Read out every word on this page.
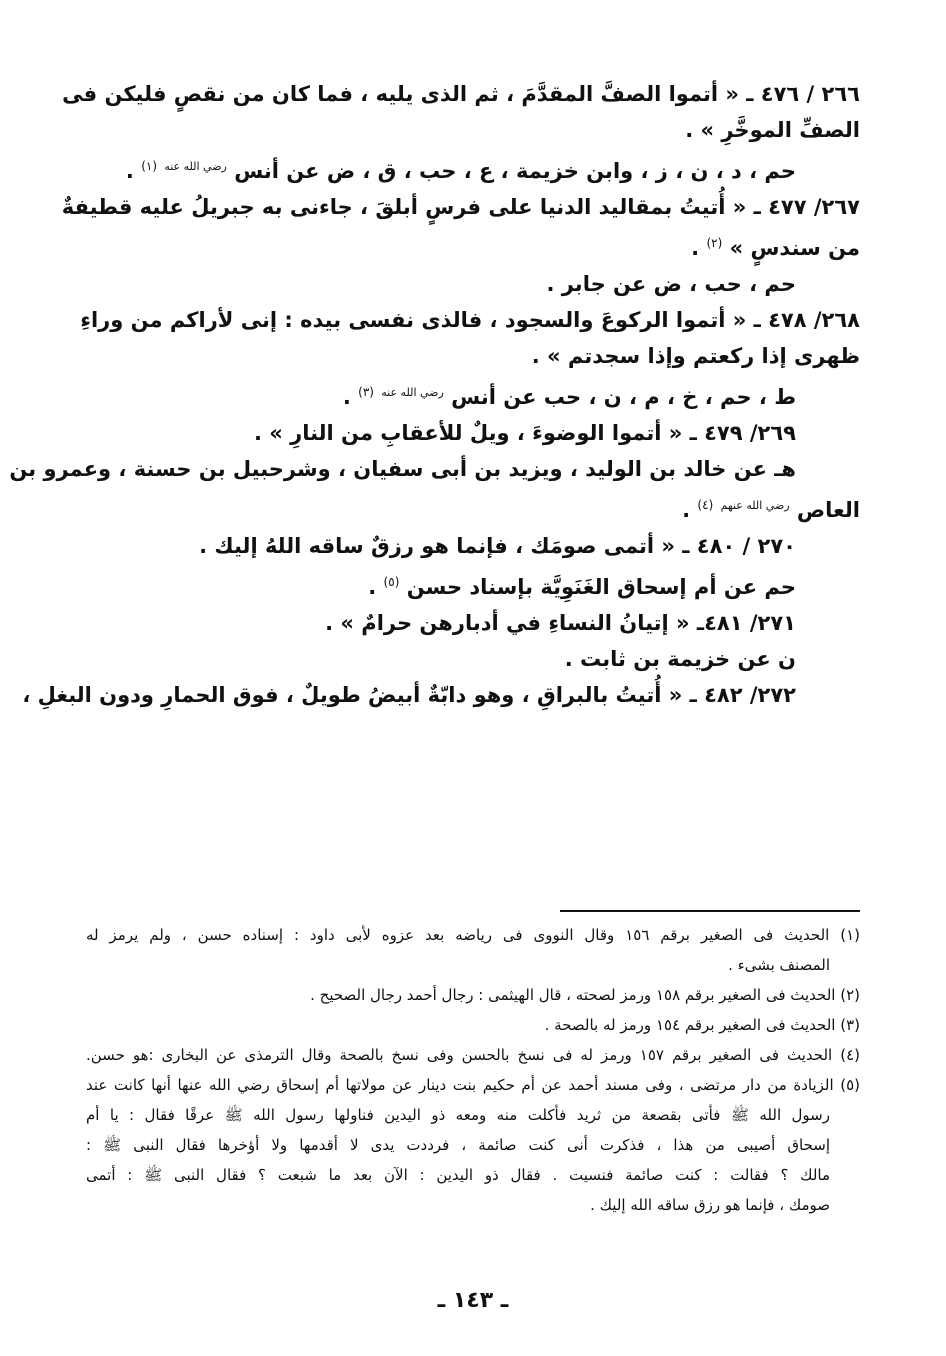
٢٦٦ / ٤٧٦ ـ « أتموا الصفَّ المقدَّمَ ، ثم الذى يليه ، فما كان من نقصٍ فليكن فى
الصفِّ الموخَّرِ » .
حم ، د ، ن ، ز ، وابن خزيمة ، ع ، حب ، ق ، ض عن أنس $^{رضي الله عنه}$ $^{(١)}$ .
٢٦٧/ ٤٧٧ ـ « أُتيتُ بمقاليد الدنيا على فرسٍ أبلقَ ، جاءنى به جبريلُ عليه قطيفةٌ
من سندسٍ » $^{(٢)}$ .
حم ، حب ، ض عن جابر .
٢٦٨/ ٤٧٨ ـ « أتموا الركوعَ والسجود ، فالذى نفسى بيده : إنى لأراكم من وراءِ
ظهرى إذا ركعتم وإذا سجدتم » .
ط ، حم ، خ ، م ، ن ، حب عن أنس $^{رضي الله عنه}$ $^{(٣)}$ .
٢٦٩/ ٤٧٩ ـ « أتموا الوضوءَ ، ويلٌ للأعقابِ من النارِ » .
هـ عن خالد بن الوليد ، ويزيد بن أبى سفيان ، وشرحبيل بن حسنة ، وعمرو بن
العاص $^{رضي الله عنهم}$ $^{(٤)}$ .
٢٧٠ / ٤٨٠ ـ « أتمى صومَك ، فإنما هو رزقٌ ساقه اللهُ إليك .
حم عن أم إسحاق الغَنَوِيَّة بإسناد حسن $^{(٥)}$ .
٢٧١/ ٤٨١ـ « إتيانُ النساءِ في أدبارهن حرامٌ » .
ن عن خزيمة بن ثابت .
٢٧٢/ ٤٨٢ ـ « أُتيتُ بالبراقِ ، وهو دابّةٌ أبيضُ طويلٌ ، فوق الحمارِ ودون البغلِ ،
(١) الحديث فى الصغير برقم ١٥٦ وقال النووى فى رياضه بعد عزوه لأبى داود : إسناده حسن ، ولم يرمز له
المصنف بشىء .
(٢) الحديث فى الصغير برقم ١٥٨ ورمز لصحته ، قال الهيثمى : رجال أحمد رجال الصحيح .
(٣) الحديث فى الصغير برقم ١٥٤ ورمز له بالصحة .
(٤) الحديث فى الصغير برقم ١٥٧ ورمز له فى نسخ بالحسن وفى نسخ بالصحة وقال الترمذى عن البخارى :هو حسن.
(٥) الزيادة من دار مرتضى ، وفى مسند أحمد عن أم حكيم بنت دينار عن مولاتها أم إسحاق رضي الله عنها أنها كانت عند
رسول الله ﷺ فأتى بقصعة من ثريد فأكلت منه ومعه ذو اليدين فناولها رسول الله ﷺ عرقًا فقال : يا أم
إسحاق أصيبى من هذا ، فذكرت أنى كنت صائمة ، فرددت يدى لا أقدمها ولا أؤخرها فقال النبى ﷺ :
مالك ؟ فقالت : كنت صائمة فنسيت . فقال ذو اليدين : الآن بعد ما شبعت ؟ فقال النبى ﷺ : أتمى
صومك ، فإنما هو رزق ساقه الله إليك .
ـ ١٤٣ ـ
